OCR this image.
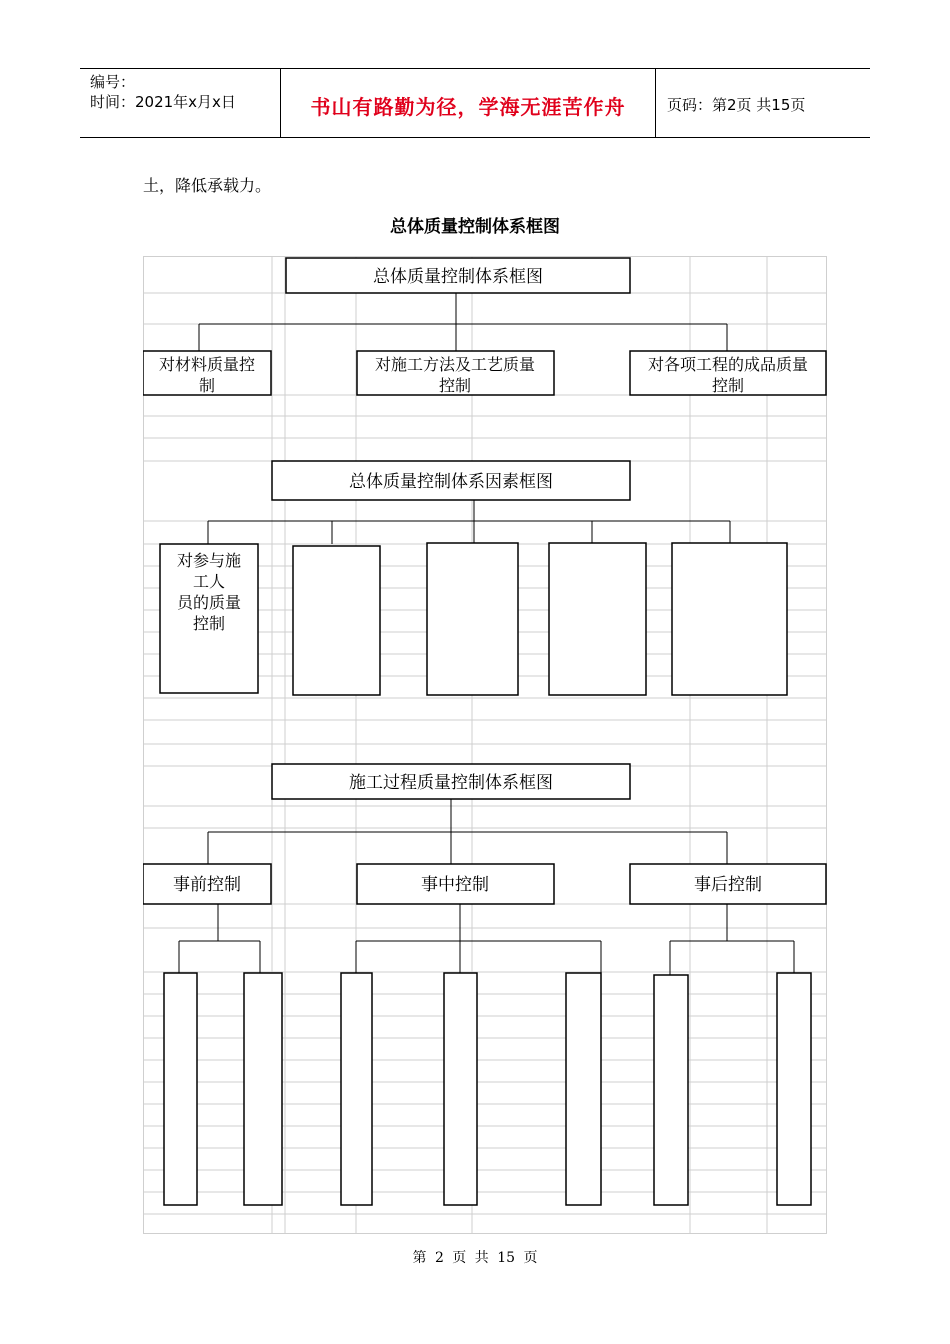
编号：
时间：2021年x月x日	书山有路勤为径，学海无涯苦作舟	页码：第2页 共15页
土，降低承载力。
总体质量控制体系框图
总体质量控制体系框图
对材料质量控制
对施工方法及工艺质量控制
对各项工程的成品质量控制
总体质量控制体系因素框图
对参与施工人员的质量控制
施工过程质量控制体系框图
事前控制	事中控制	事后控制
第 2 页 共 15 页
